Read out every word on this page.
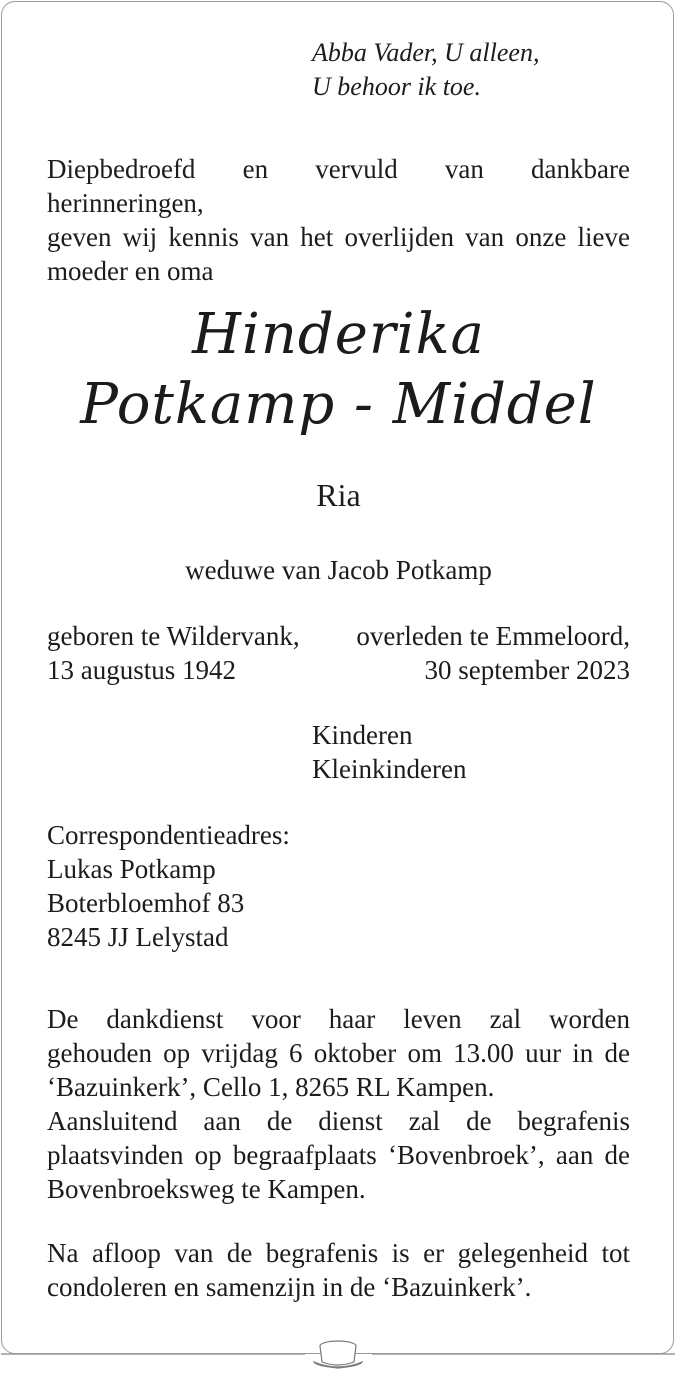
Abba Vader, U alleen,
U behoor ik toe.
Diepbedroefd en vervuld van dankbare herinneringen,
geven wij kennis van het overlijden van onze lieve
moeder en oma
Hinderika
Potkamp - Middel
Ria
weduwe van Jacob Potkamp
geboren te Wildervank,
13 augustus 1942
overleden te Emmeloord,
30 september 2023
Kinderen
Kleinkinderen
Correspondentieadres:
Lukas Potkamp
Boterbloemhof 83
8245 JJ Lelystad
De dankdienst voor haar leven zal worden
gehouden op vrijdag 6 oktober om 13.00 uur in de
‘Bazuinkerk’, Cello 1, 8265 RL Kampen.
Aansluitend aan de dienst zal de begrafenis
plaatsvinden op begraafplaats ‘Bovenbroek’, aan de
Bovenbroeksweg te Kampen.
Na afloop van de begrafenis is er gelegenheid tot
condoleren en samenzijn in de ‘Bazuinkerk’.
